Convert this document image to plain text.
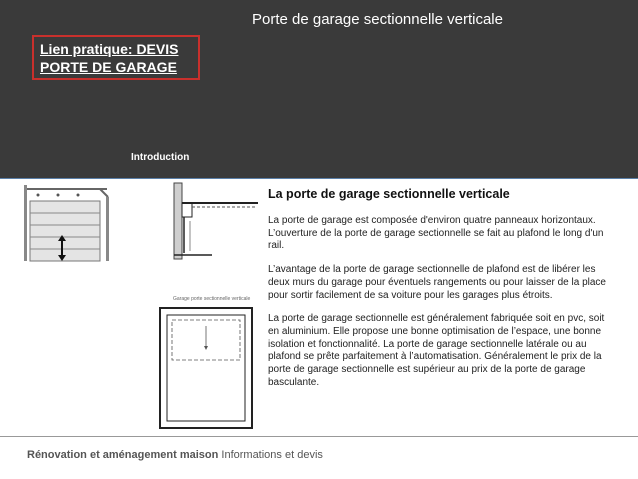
Porte de garage sectionnelle verticale
Lien pratique: DEVIS
PORTE DE GARAGE
Introduction
Garage porte sectionnelle verticale
La porte de garage sectionnelle verticale

La porte de garage est composée d'environ quatre panneaux horizontaux. L’ouverture de la porte de garage sectionnelle se fait au plafond le long d'un rail.

L’avantage de la porte de garage sectionnelle de plafond est de libérer les deux murs du garage pour éventuels rangements ou pour laisser de la place pour sortir facilement de sa voiture pour les garages plus étroits.

La porte de garage sectionnelle est généralement fabriquée soit en pvc, soit en aluminium. Elle propose une bonne optimisation de l’espace, une bonne isolation et fonctionnalité. La porte de garage sectionnelle latérale ou au plafond se prête parfaitement à l’automatisation. Généralement le prix de la porte de garage sectionnelle est supérieur au prix de la porte de garage basculante.

Rénovation et aménagement maison Informations et devis
